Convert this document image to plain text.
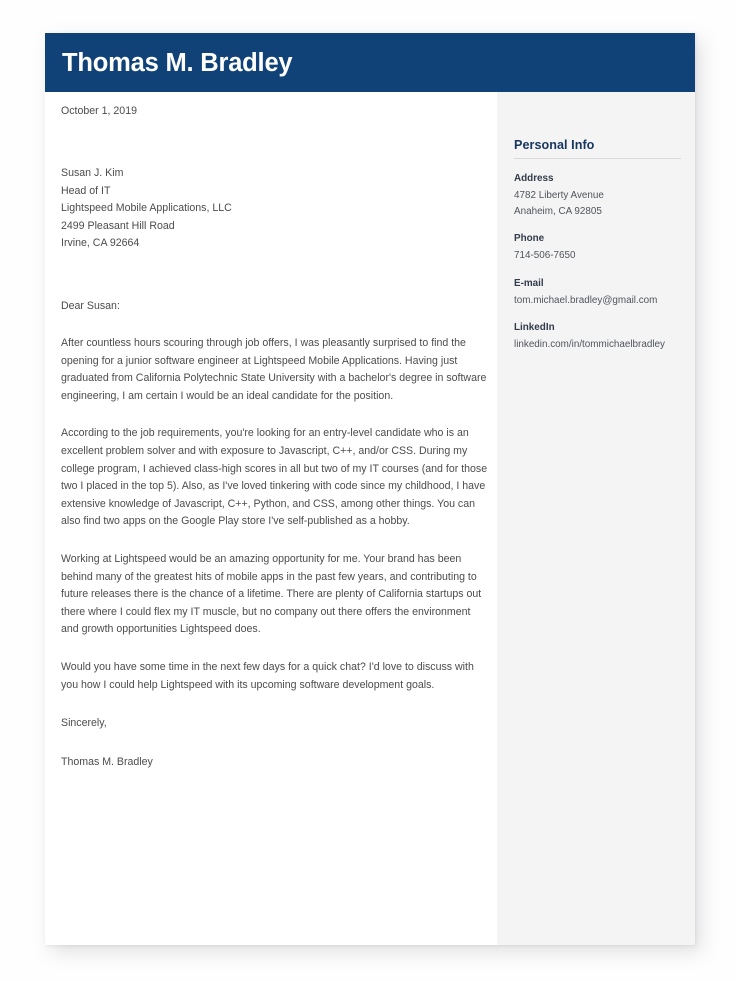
Thomas M. Bradley
October 1, 2019
Susan J. Kim
Head of IT
Lightspeed Mobile Applications, LLC
2499 Pleasant Hill Road
Irvine, CA 92664
Dear Susan:

After countless hours scouring through job offers, I was pleasantly surprised to find the opening for a junior software engineer at Lightspeed Mobile Applications. Having just graduated from California Polytechnic State University with a bachelor's degree in software engineering, I am certain I would be an ideal candidate for the position.

According to the job requirements, you're looking for an entry-level candidate who is an excellent problem solver and with exposure to Javascript, C++, and/or CSS. During my college program, I achieved class-high scores in all but two of my IT courses (and for those two I placed in the top 5). Also, as I've loved tinkering with code since my childhood, I have extensive knowledge of Javascript, C++, Python, and CSS, among other things. You can also find two apps on the Google Play store I've self-published as a hobby.

Working at Lightspeed would be an amazing opportunity for me. Your brand has been behind many of the greatest hits of mobile apps in the past few years, and contributing to future releases there is the chance of a lifetime. There are plenty of California startups out there where I could flex my IT muscle, but no company out there offers the environment and growth opportunities Lightspeed does.

Would you have some time in the next few days for a quick chat? I'd love to discuss with you how I could help Lightspeed with its upcoming software development goals.

Sincerely,
Thomas M. Bradley
Personal Info
Address
4782 Liberty Avenue
Anaheim, CA 92805
Phone
714-506-7650
E-mail
tom.michael.bradley@gmail.com
LinkedIn
linkedin.com/in/tommichaelbradley
